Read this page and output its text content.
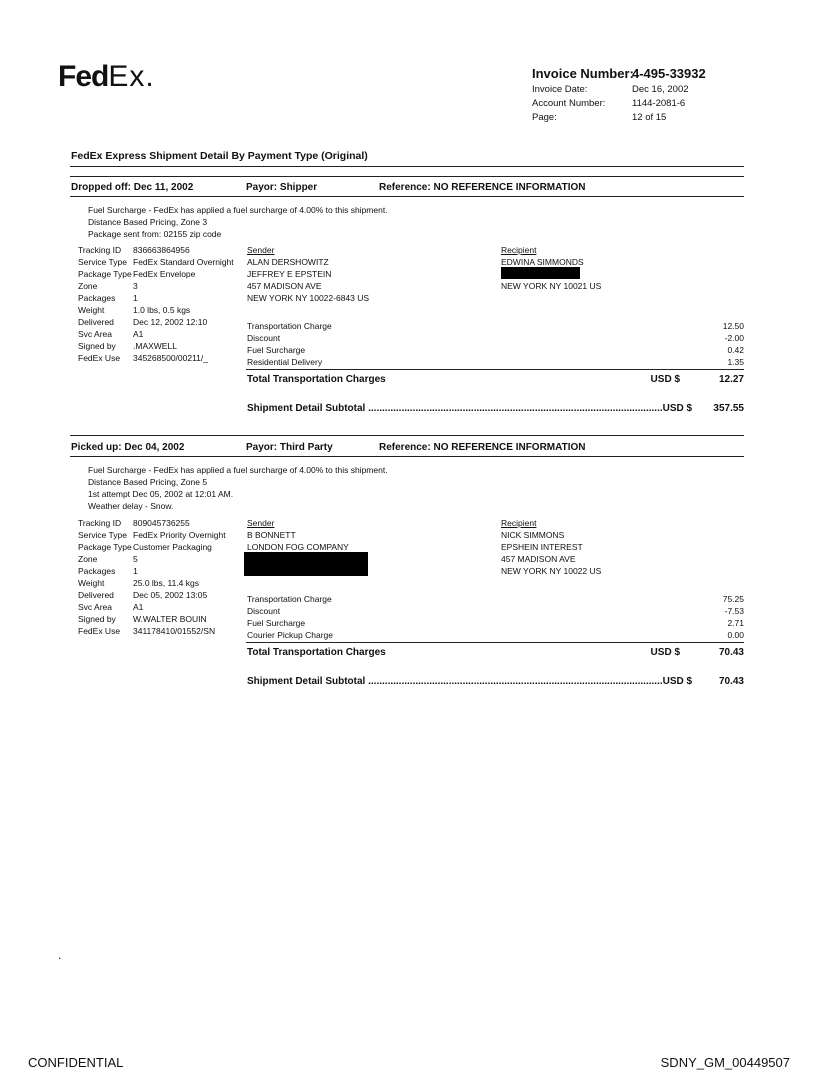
FedEx.	Invoice Number:
4-495-33932
Invoice Date:	Dec 16, 2002
Account Number:	1144-2081-6
Page:	12 of 15
FedEx Express Shipment Detail By Payment Type (Original)
Dropped off: Dec 11, 2002	Payor: Shipper	Reference: NO REFERENCE INFORMATION
Fuel Surcharge - FedEx has applied a fuel surcharge of 4.00% to this shipment.
Distance Based Pricing, Zone 3
Package sent from: 02155 zip code
Tracking ID 836663864956
Service Type FedEx Standard Overnight
Package Type FedEx Envelope
Zone	3
Packages 1
Weight	1.0 lbs, 0.5 kgs
Delivered Dec 12, 2002 12:10
Svc Area A1
Signed by .MAXWELL
FedEx Use 345268500/00211/_
Sender
ALAN DERSHOWITZ
JEFFREY E EPSTEIN
457 MADISON AVE
NEW YORK NY 10022-6843 US
Recipient
EDWINA SIMMONDS
NEW YORK NY 10021 US
Transportation Charge	12.50
Discount	-2.00
Fuel Surcharge	0.42
Residential Delivery	1.35
Total Transportation Charges	USD $	12.27
Shipment Detail Subtotal ..........................................................................................................USD $ 357.55
Picked up: Dec 04, 2002	Payor: Third Party	Reference: NO REFERENCE INFORMATION
Fuel Surcharge - FedEx has applied a fuel surcharge of 4.00% to this shipment.
Distance Based Pricing, Zone 5
1st attempt Dec 05, 2002 at 12:01 AM.
Weather delay - Snow.
Tracking ID 809045736255
Service Type FedEx Priority Overnight
Package Type Customer Packaging
Zone	5
Packages 1
Weight	25.0 lbs, 11.4 kgs
Delivered Dec 05, 2002 13:05
Svc Area A1
Signed by W.WALTER BOUIN
FedEx Use 341178410/01552/SN
Sender
B BONNETT
LONDON FOG COMPANY
Recipient
NICK SIMMONS
EPSHEIN INTEREST
457 MADISON AVE
NEW YORK NY 10022 US
Transportation Charge	75.25
Discount	-7.53
Fuel Surcharge	2.71
Courier Pickup Charge	0.00
Total Transportation Charges	USD $	70.43
Shipment Detail Subtotal ..........................................................................................................USD $	70.43
.
CONFIDENTIAL	SDNY_GM_00449507
